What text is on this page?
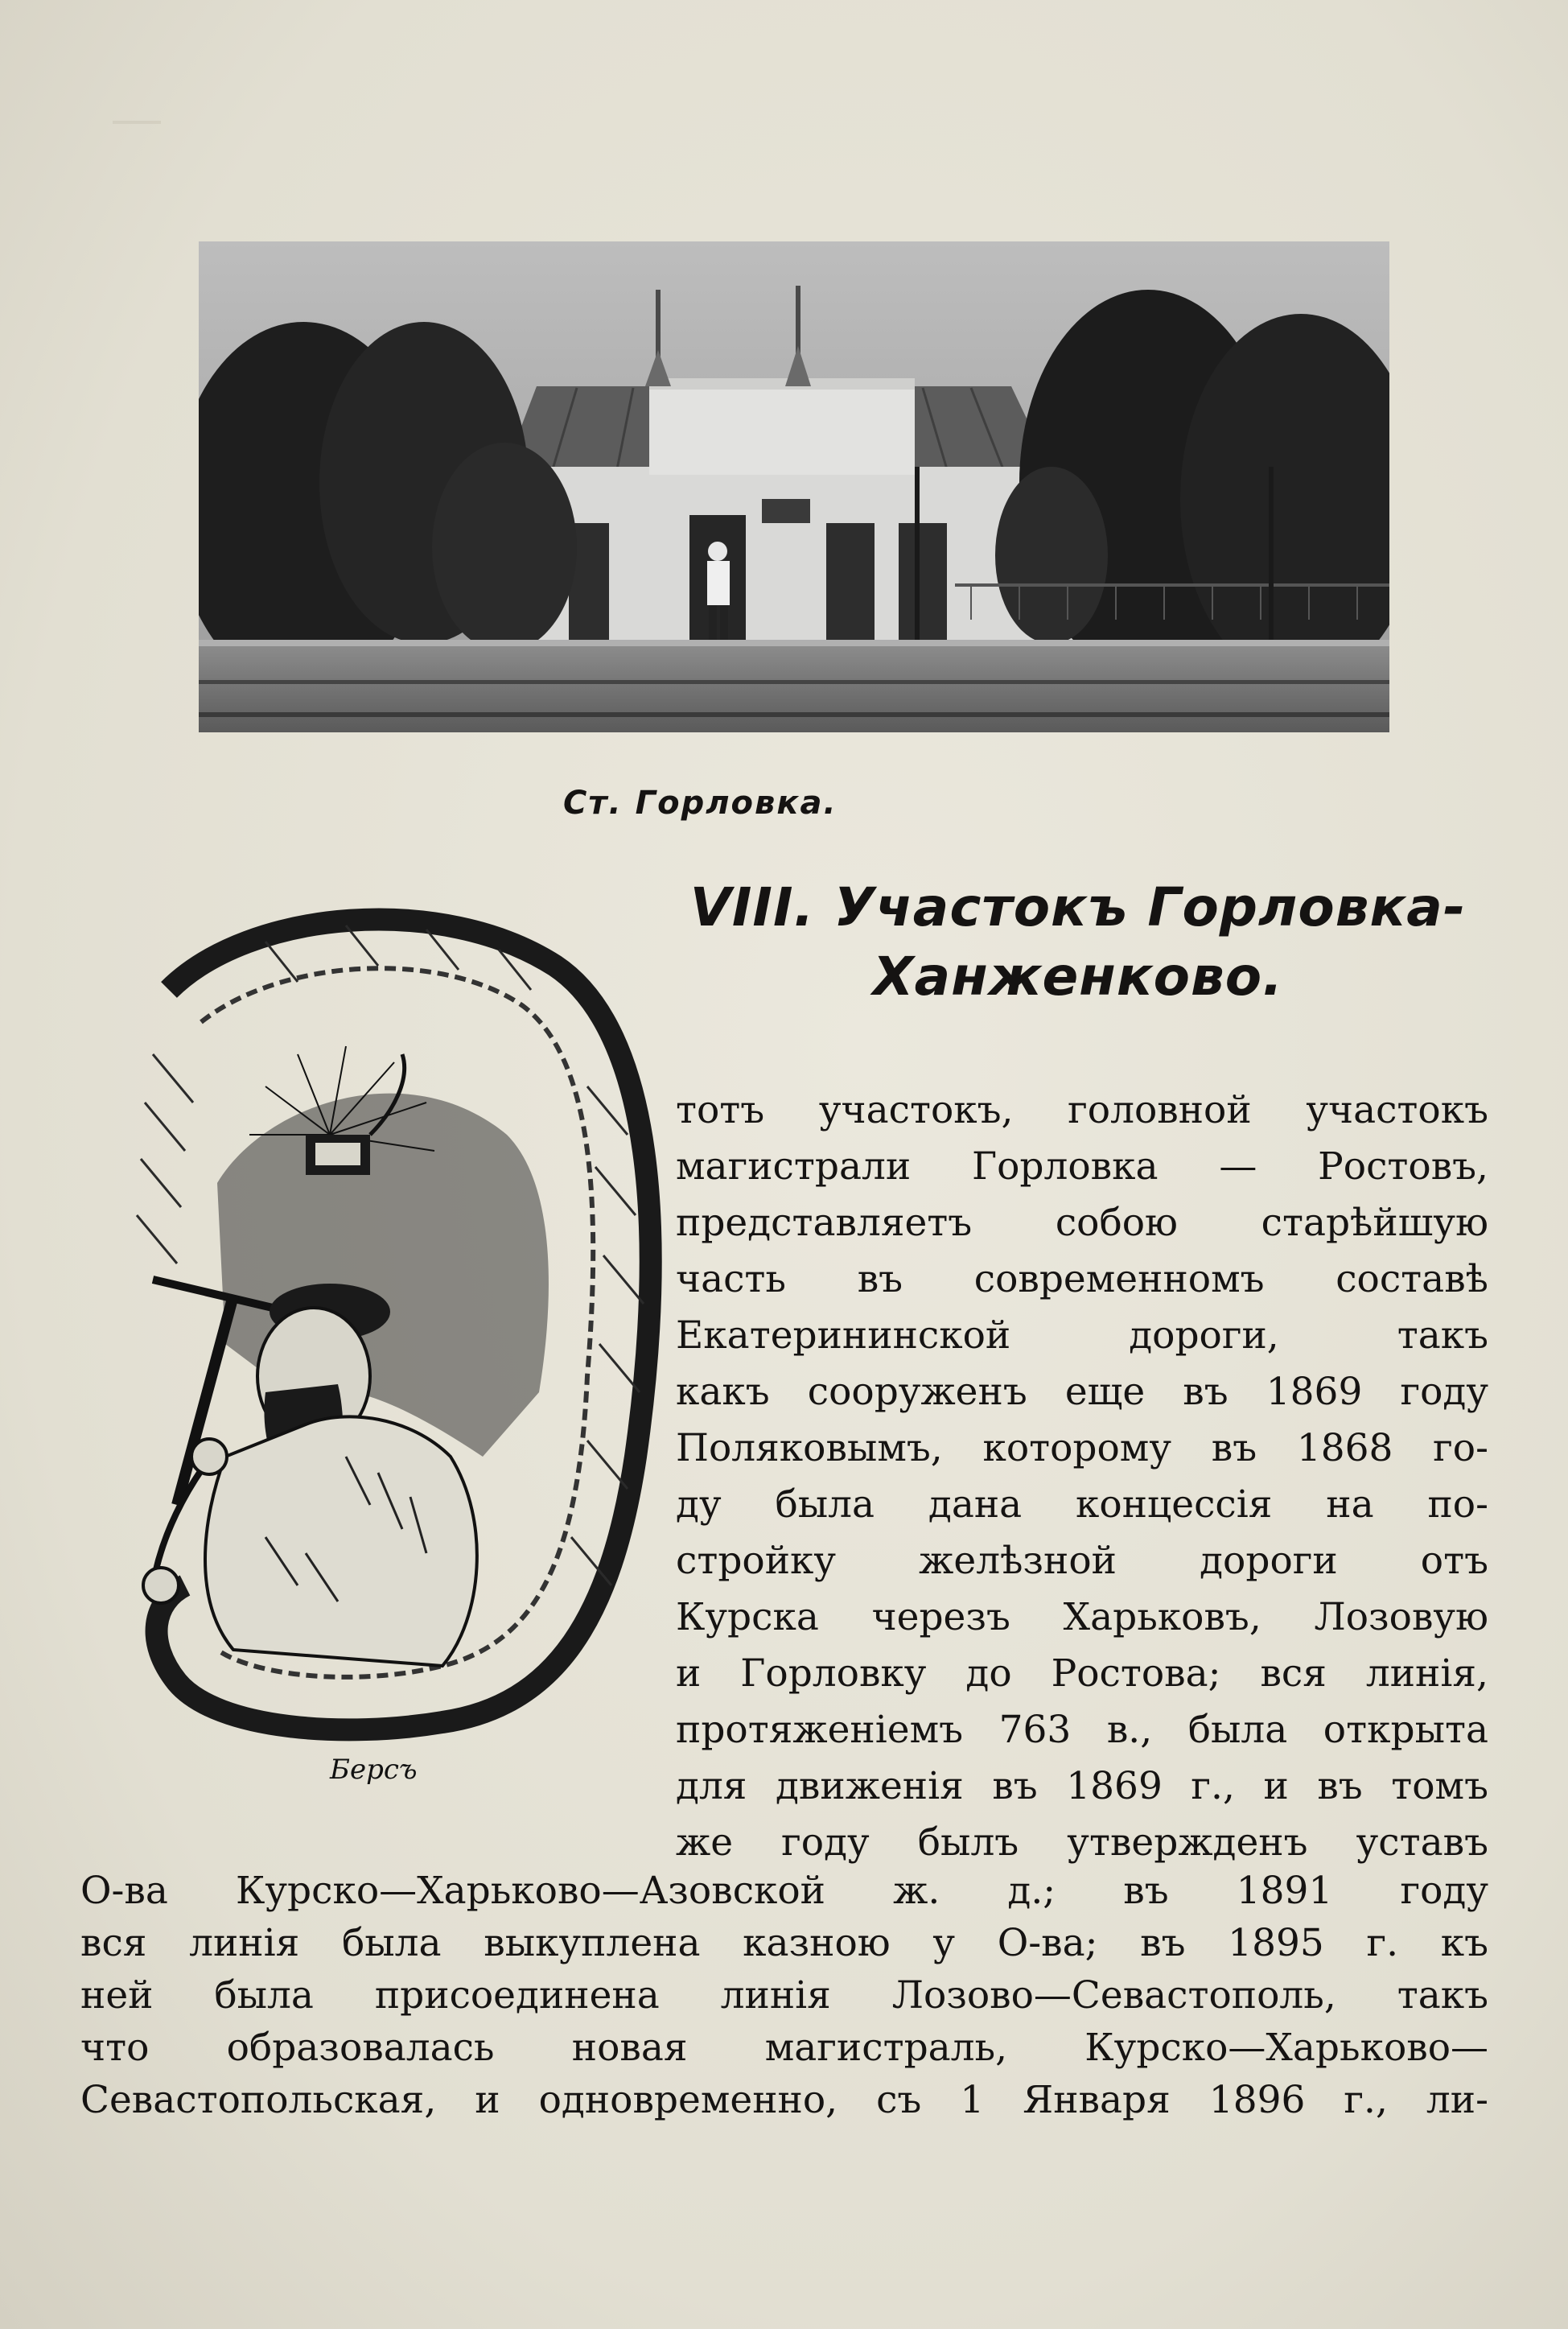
Ст. Горловка.
VIII. Участокъ Горловка-
Ханженково.
Берсъ
тотъ участокъ, головной участокъ
магистрали Горловка — Ростовъ,
представляетъ собою старѣйшую
часть въ современномъ составѣ
Екатерининской дороги, такъ
какъ сооруженъ еще въ 1869 году
Поляковымъ, которому въ 1868 го-
ду была дана концессія на по-
стройку желѣзной дороги отъ
Курска черезъ Харьковъ, Лозовую
и Горловку до Ростова; вся линія,
протяженіемъ 763 в., была открыта
для движенія въ 1869 г., и въ томъ
же году былъ утвержденъ уставъ
О-ва Курско—Харьково—Азовской ж. д.; въ 1891 году
вся линія была выкуплена казною у О-ва; въ 1895 г. къ
ней была присоединена линія Лозово—Севастополь, такъ
что образовалась новая магистраль, Курско—Харьково—
Севастопольская, и одновременно, съ 1 Января 1896 г., ли-
